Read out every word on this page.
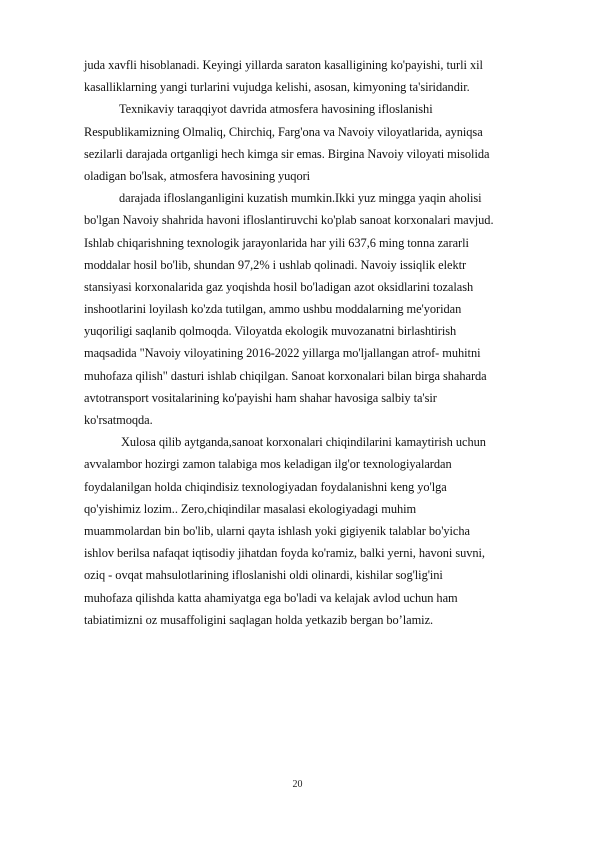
juda xavfli hisoblanadi. Keyingi yillarda saraton kasalligining ko'payishi, turli xil
kasalliklarning yangi turlarini vujudga kelishi, asosan, kimyoning ta'siridandir.
Texnikaviy taraqqiyot davrida atmosfera havosining ifloslanishi
Respublikamizning Olmaliq, Chirchiq, Farg'ona va Navoiy viloyatlarida, ayniqsa
sezilarli darajada ortganligi hech kimga sir emas. Birgina Navoiy viloyati misolida
oladigan bo'lsak, atmosfera havosining yuqori
darajada ifloslanganligini kuzatish mumkin.Ikki yuz mingga yaqin aholisi
bo'lgan Navoiy shahrida havoni ifloslantiruvchi ko'plab sanoat korxonalari mavjud.
Ishlab chiqarishning texnologik jarayonlarida har yili 637,6 ming tonna zararli
moddalar hosil bo'lib, shundan 97,2% i ushlab qolinadi. Navoiy issiqlik elektr
stansiyasi korxonalarida gaz yoqishda hosil bo'ladigan azot oksidlarini tozalash
inshootlarini loyilash ko'zda tutilgan, ammo ushbu moddalarning me'yoridan
yuqoriligi saqlanib qolmoqda. Viloyatda ekologik muvozanatni birlashtirish
maqsadida "Navoiy viloyatining 2016-2022 yillarga mo'ljallangan atrof- muhitni
muhofaza qilish" dasturi ishlab chiqilgan. Sanoat korxonalari bilan birga shaharda
avtotransport vositalarining ko'payishi ham shahar havosiga salbiy ta'sir
ko'rsatmoqda.
Xulosa qilib aytganda,sanoat korxonalari chiqindilarini kamaytirish uchun
avvalambor hozirgi zamon talabiga mos keladigan ilg'or texnologiyalardan
foydalanilgan holda chiqindisiz texnologiyadan foydalanishni keng yo'lga
qo'yishimiz lozim.. Zero,chiqindilar masalasi ekologiyadagi muhim
muammolardan bin bo'lib, ularni qayta ishlash yoki gigiyenik talablar bo'yicha
ishlov berilsa nafaqat iqtisodiy jihatdan foyda ko'ramiz, balki yerni, havoni suvni,
oziq - ovqat mahsulotlarining ifloslanishi oldi olinardi, kishilar sog'lig'ini
muhofaza qilishda katta ahamiyatga ega bo'ladi va kelajak avlod uchun ham
tabiatimizni oz musaffoligini saqlagan holda yetkazib bergan bo’lamiz.
20
